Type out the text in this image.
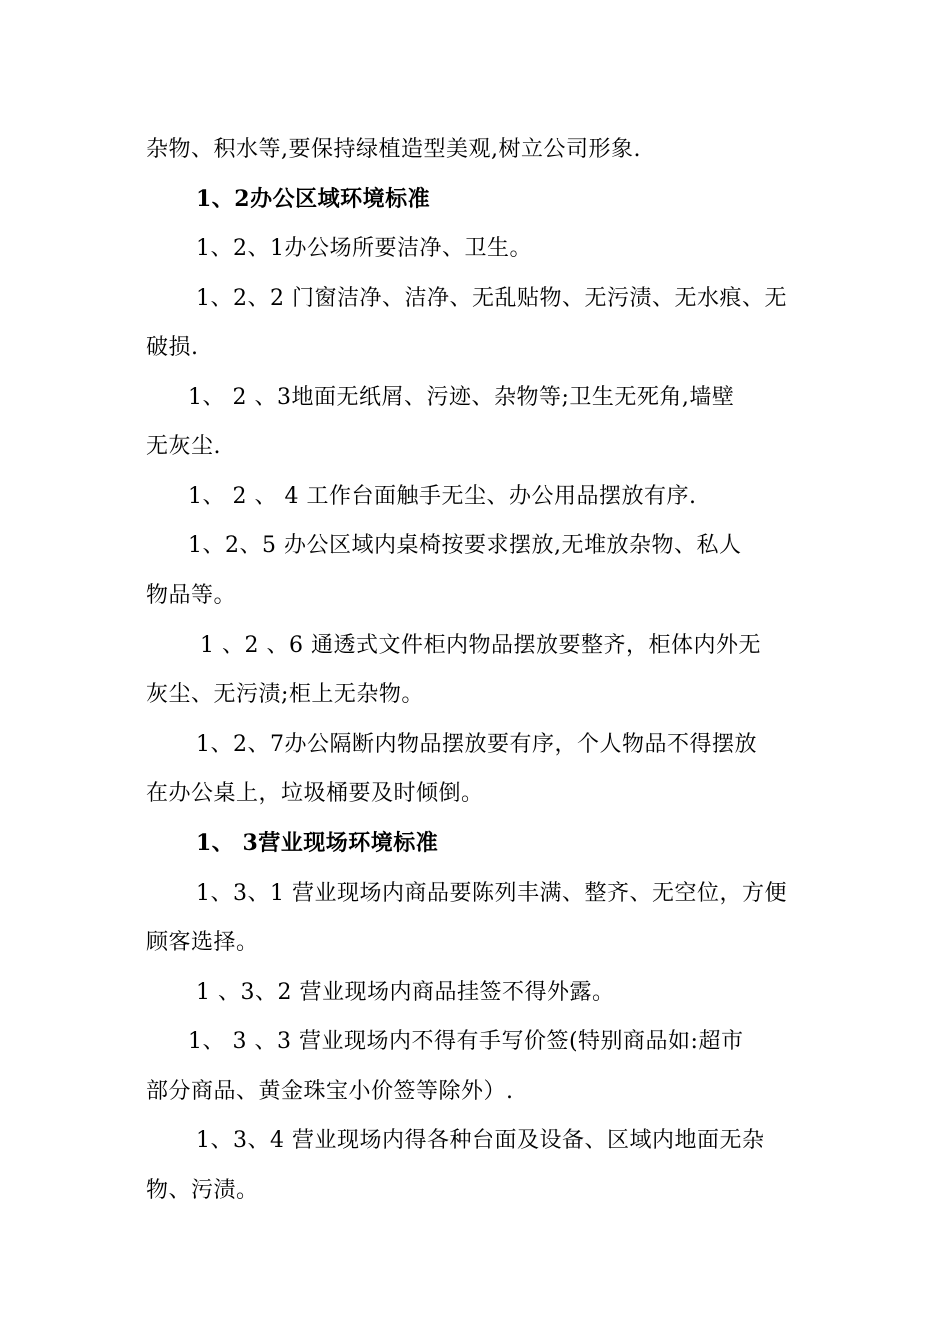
杂物、积水等,要保持绿植造型美观,树立公司形象.
1、2办公区域环境标准
1、2、1办公场所要洁净、卫生。
1、2、2 门窗洁净、洁净、无乱贴物、无污渍、无水痕、无
破损.
1、 2 、3地面无纸屑、污迹、杂物等;卫生无死角,墙壁
无灰尘.
1、 2 、 4 工作台面触手无尘、办公用品摆放有序.
1、2、5 办公区域内桌椅按要求摆放,无堆放杂物、私人
物品等。
1 、2 、6 通透式文件柜内物品摆放要整齐，柜体内外无
灰尘、无污渍;柜上无杂物。
1、2、7办公隔断内物品摆放要有序，个人物品不得摆放
在办公桌上，垃圾桶要及时倾倒。
1、 3营业现场环境标准
1、3、1 营业现场内商品要陈列丰满、整齐、无空位，方便
顾客选择。
1 、3、2 营业现场内商品挂签不得外露。
1、 3 、3 营业现场内不得有手写价签(特别商品如:超市
部分商品、黄金珠宝小价签等除外）.
1、3、4 营业现场内得各种台面及设备、区域内地面无杂
物、污渍。
